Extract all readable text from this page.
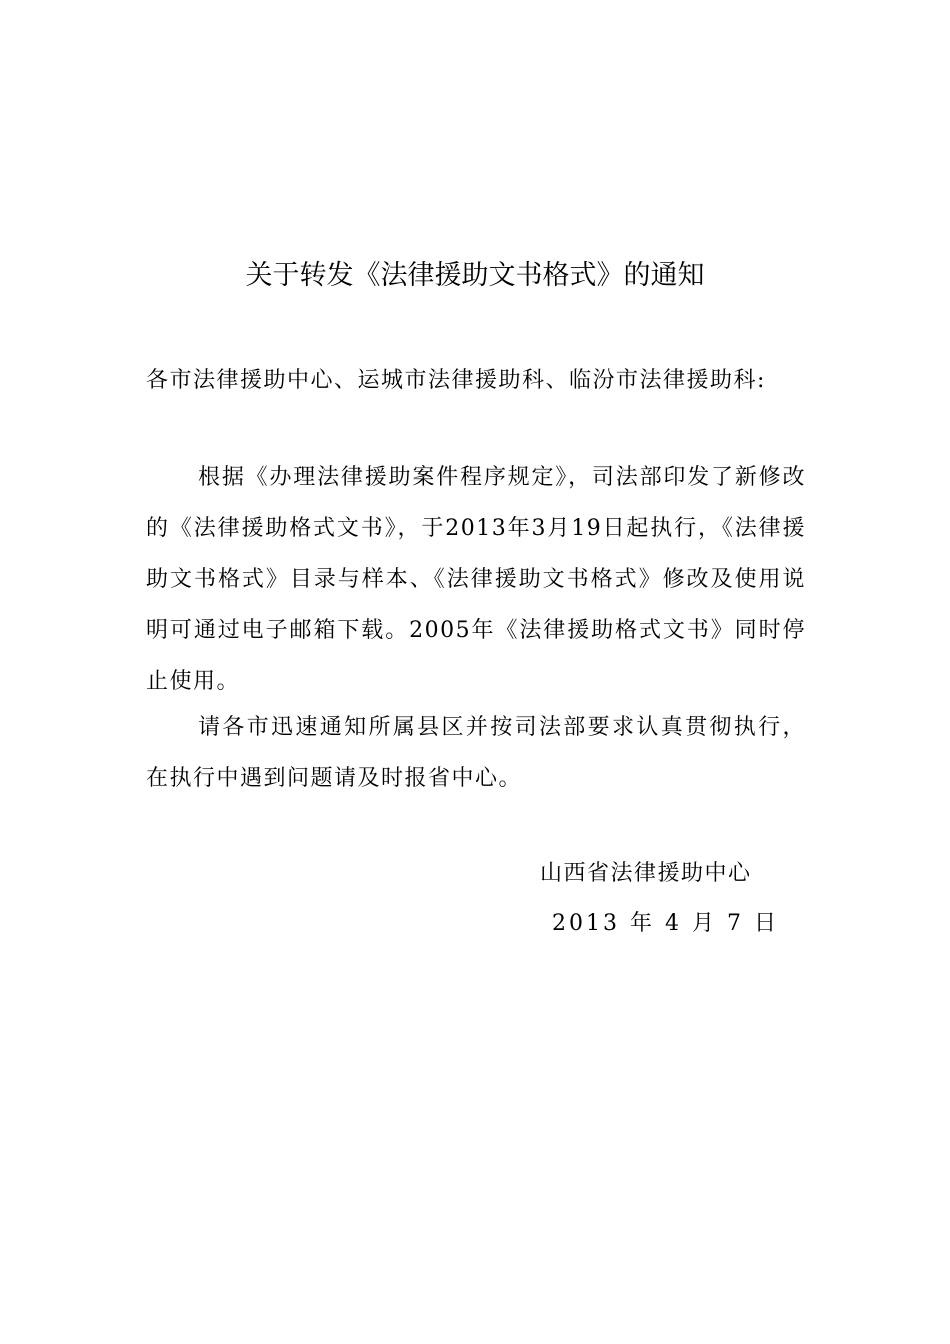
关于转发《法律援助文书格式》的通知

各市法律援助中心、运城市法律援助科、临汾市法律援助科:

根据《办理法律援助案件程序规定》，司法部印发了新修改的《法律援助格式文书》，于2013年3月19日起执行，《法律援助文书格式》目录与样本、《法律援助文书格式》修改及使用说明可通过电子邮箱下载。2005年《法律援助格式文书》同时停止使用。

请各市迅速通知所属县区并按司法部要求认真贯彻执行，在执行中遇到问题请及时报省中心。

山西省法律援助中心

2013 年 4 月 7 日
